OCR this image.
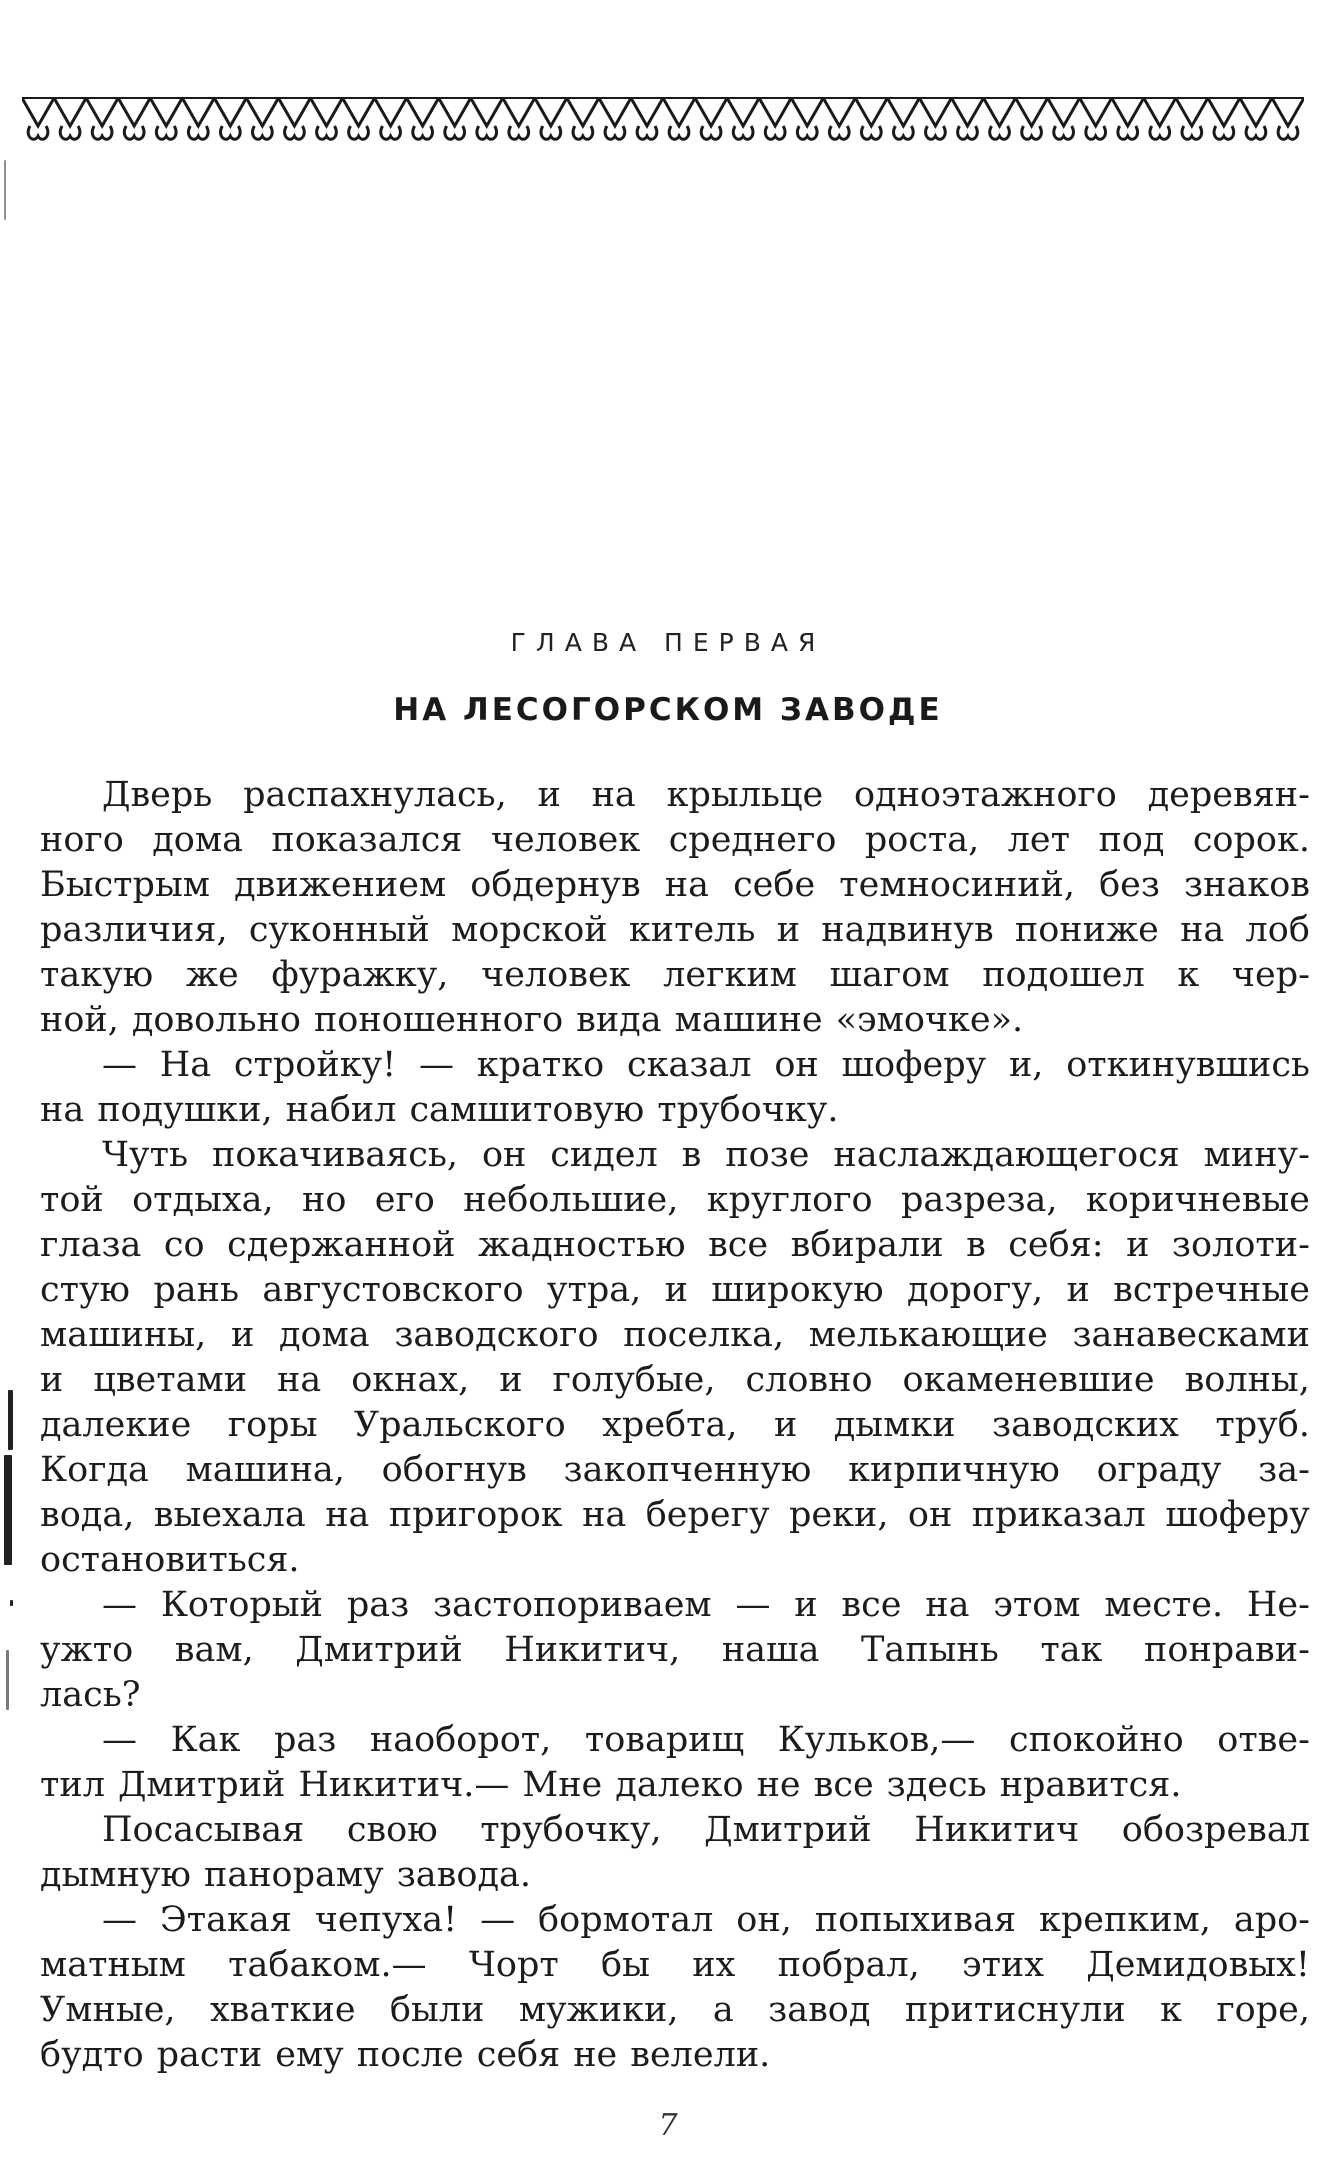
ГЛАВА ПЕРВАЯ
НА ЛЕСОГОРСКОМ ЗАВОДЕ
Дверь распахнулась, и на крыльце одноэтажного деревян-
ного дома показался человек среднего роста, лет под сорок.
Быстрым движением обдернув на себе темносиний, без знаков
различия, суконный морской китель и надвинув пониже на лоб
такую же фуражку, человек легким шагом подошел к чер-
ной, довольно поношенного вида машине «эмочке».
— На стройку! — кратко сказал он шоферу и, откинувшись
на подушки, набил самшитовую трубочку.
Чуть покачиваясь, он сидел в позе наслаждающегося мину-
той отдыха, но его небольшие, круглого разреза, коричневые
глаза со сдержанной жадностью все вбирали в себя: и золоти-
стую рань августовского утра, и широкую дорогу, и встречные
машины, и дома заводского поселка, мелькающие занавесками
и цветами на окнах, и голубые, словно окаменевшие волны,
далекие горы Уральского хребта, и дымки заводских труб.
Когда машина, обогнув закопченную кирпичную ограду за-
вода, выехала на пригорок на берегу реки, он приказал шоферу
остановиться.
— Который раз застопориваем — и все на этом месте. Не-
ужто вам, Дмитрий Никитич, наша Тапынь так понрави-
лась?
— Как раз наоборот, товарищ Кульков,— спокойно отве-
тил Дмитрий Никитич.— Мне далеко не все здесь нравится.
Посасывая свою трубочку, Дмитрий Никитич обозревал
дымную панораму завода.
— Этакая чепуха! — бормотал он, попыхивая крепким, аро-
матным табаком.— Чорт бы их побрал, этих Демидовых!
Умные, хваткие были мужики, а завод притиснули к горе,
будто расти ему после себя не велели.
7
